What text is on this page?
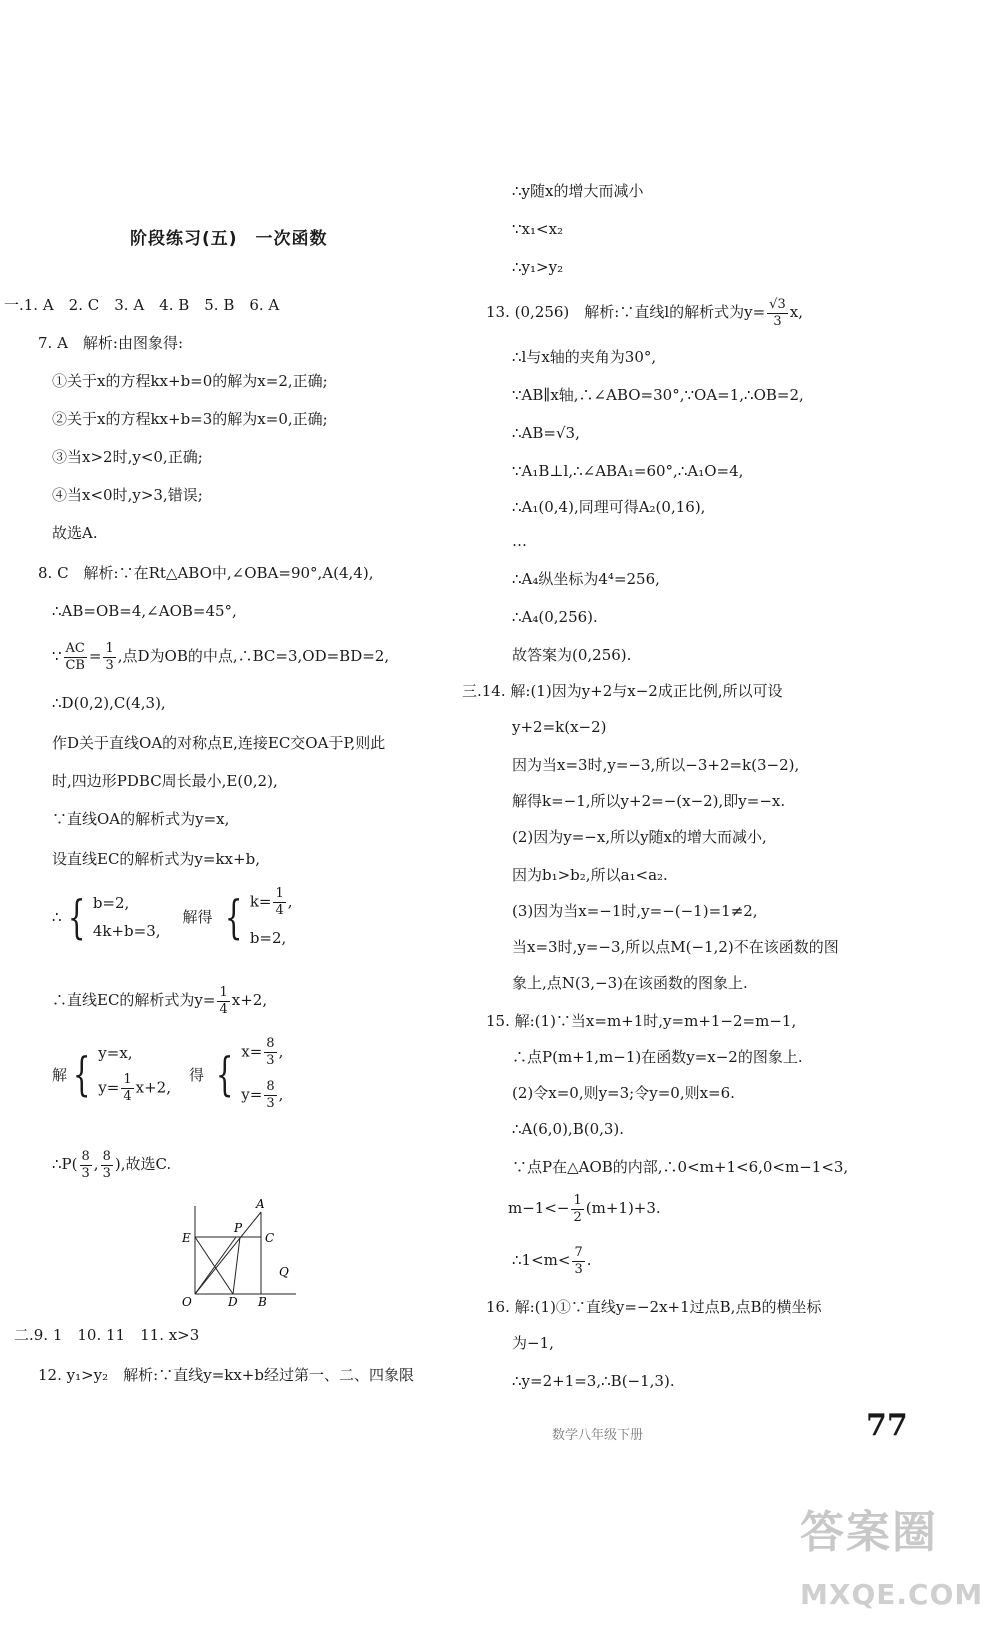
阶段练习(五)　一次函数
一.1. A　2. C　3. A　4. B　5. B　6. A
7. A　解析:由图象得:
①关于x的方程kx+b=0的解为x=2,正确;
②关于x的方程kx+b=3的解为x=0,正确;
③当x>2时,y<0,正确;
④当x<0时,y>3,错误;
故选A.
8. C　解析:∵在Rt△ABO中,∠OBA=90°,A(4,4),
∴AB=OB=4,∠AOB=45°,
∵ $\frac{AC}{CB} = \frac{1}{3}$ ,点D为OB的中点,∴BC=3,OD=BD=2,
∴D(0,2),C(4,3),
作D关于直线OA的对称点E,连接EC交OA于P,则此
时,四边形PDBC周长最小,E(0,2),
∵直线OA的解析式为y=x,
设直线EC的解析式为y=kx+b,
∴ { b=2,
4k+b=3,
解得 { $k= \frac{1}{4}$ ,
b=2,
∴直线EC的解析式为$y= \frac{1}{4} x+2$,
解 { y=x,
$y= \frac{1}{4} x+2$,
得 { $x= \frac{8}{3}$ ,
$y= \frac{8}{3}$ ,
∴P( $\frac{8}{3}$ , $\frac{8}{3}$ ),故选C.
A
C
E
P
Q
O	D B
二.9. 1　10. 11　11. x>3
12. y₁>y₂　解析:∵直线y=kx+b经过第一、二、四象限
∴y随x的增大而减小
∵x₁<x₂
∴y₁>y₂
13. (0,256)　解析:∵直线l的解析式为$y= \frac{√3}{3} x$,
∴l与x轴的夹角为30°,
∵AB∥x轴,∴∠ABO=30°,∵OA=1,∴OB=2,
∴AB=√3,
∵A₁B⊥l,∴∠ABA₁=60°,∴A₁O=4,
∴A₁(0,4),同理可得A₂(0,16),
…
∴A₄纵坐标为4⁴=256,
∴A₄(0,256).
故答案为(0,256).
三.14. 解:(1)因为y+2与x−2成正比例,所以可设
y+2=k(x−2)
因为当x=3时,y=−3,所以−3+2=k(3−2),
解得k=−1,所以y+2=−(x−2),即y=−x.
(2)因为y=−x,所以y随x的增大而减小,
因为b₁>b₂,所以a₁<a₂.
(3)因为当x=−1时,y=−(−1)=1≠2,
当x=3时,y=−3,所以点M(−1,2)不在该函数的图
象上,点N(3,−3)在该函数的图象上.
15. 解:(1)∵当x=m+1时,y=m+1−2=m−1,
∴点P(m+1,m−1)在函数y=x−2的图象上.
(2)令x=0,则y=3;令y=0,则x=6.
∴A(6,0),B(0,3).
∵点P在△AOB的内部,∴0<m+1<6,0<m−1<3,
$m-1<- \frac{1}{2} (m+1)+3$.
∴1<m< $\frac{7}{3}$ .
16. 解:(1)①∵直线y=−2x+1过点B,点B的横坐标
为−1,
∴y=2+1=3,∴B(−1,3).
数学八年级下册	77
答案圈
MXQE.COM
